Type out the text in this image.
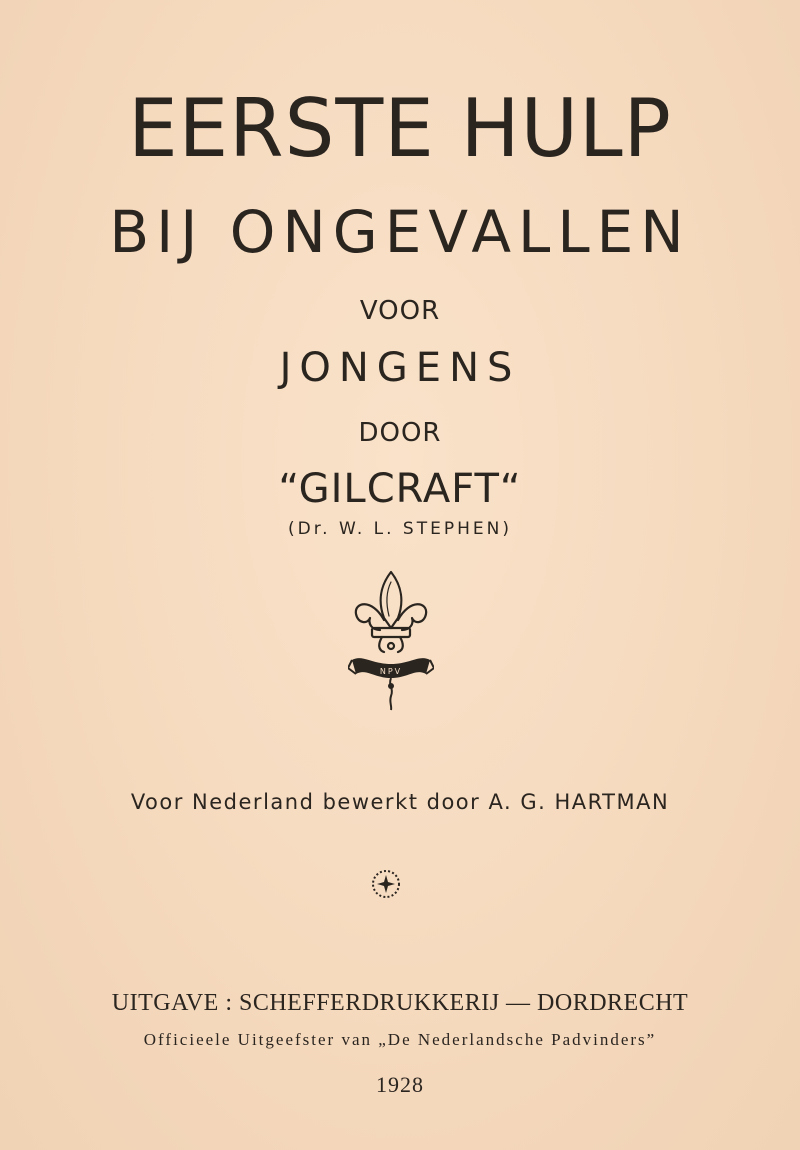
EERSTE HULP
BIJ ONGEVALLEN
VOOR
JONGENS
DOOR
“GILCRAFT“
(Dr. W. L. STEPHEN)
NPV
Voor Nederland bewerkt door A. G. HARTMAN
UITGAVE : SCHEFFERDRUKKERIJ — DORDRECHT
Officieele Uitgeefster van „De Nederlandsche Padvinders”
1928
